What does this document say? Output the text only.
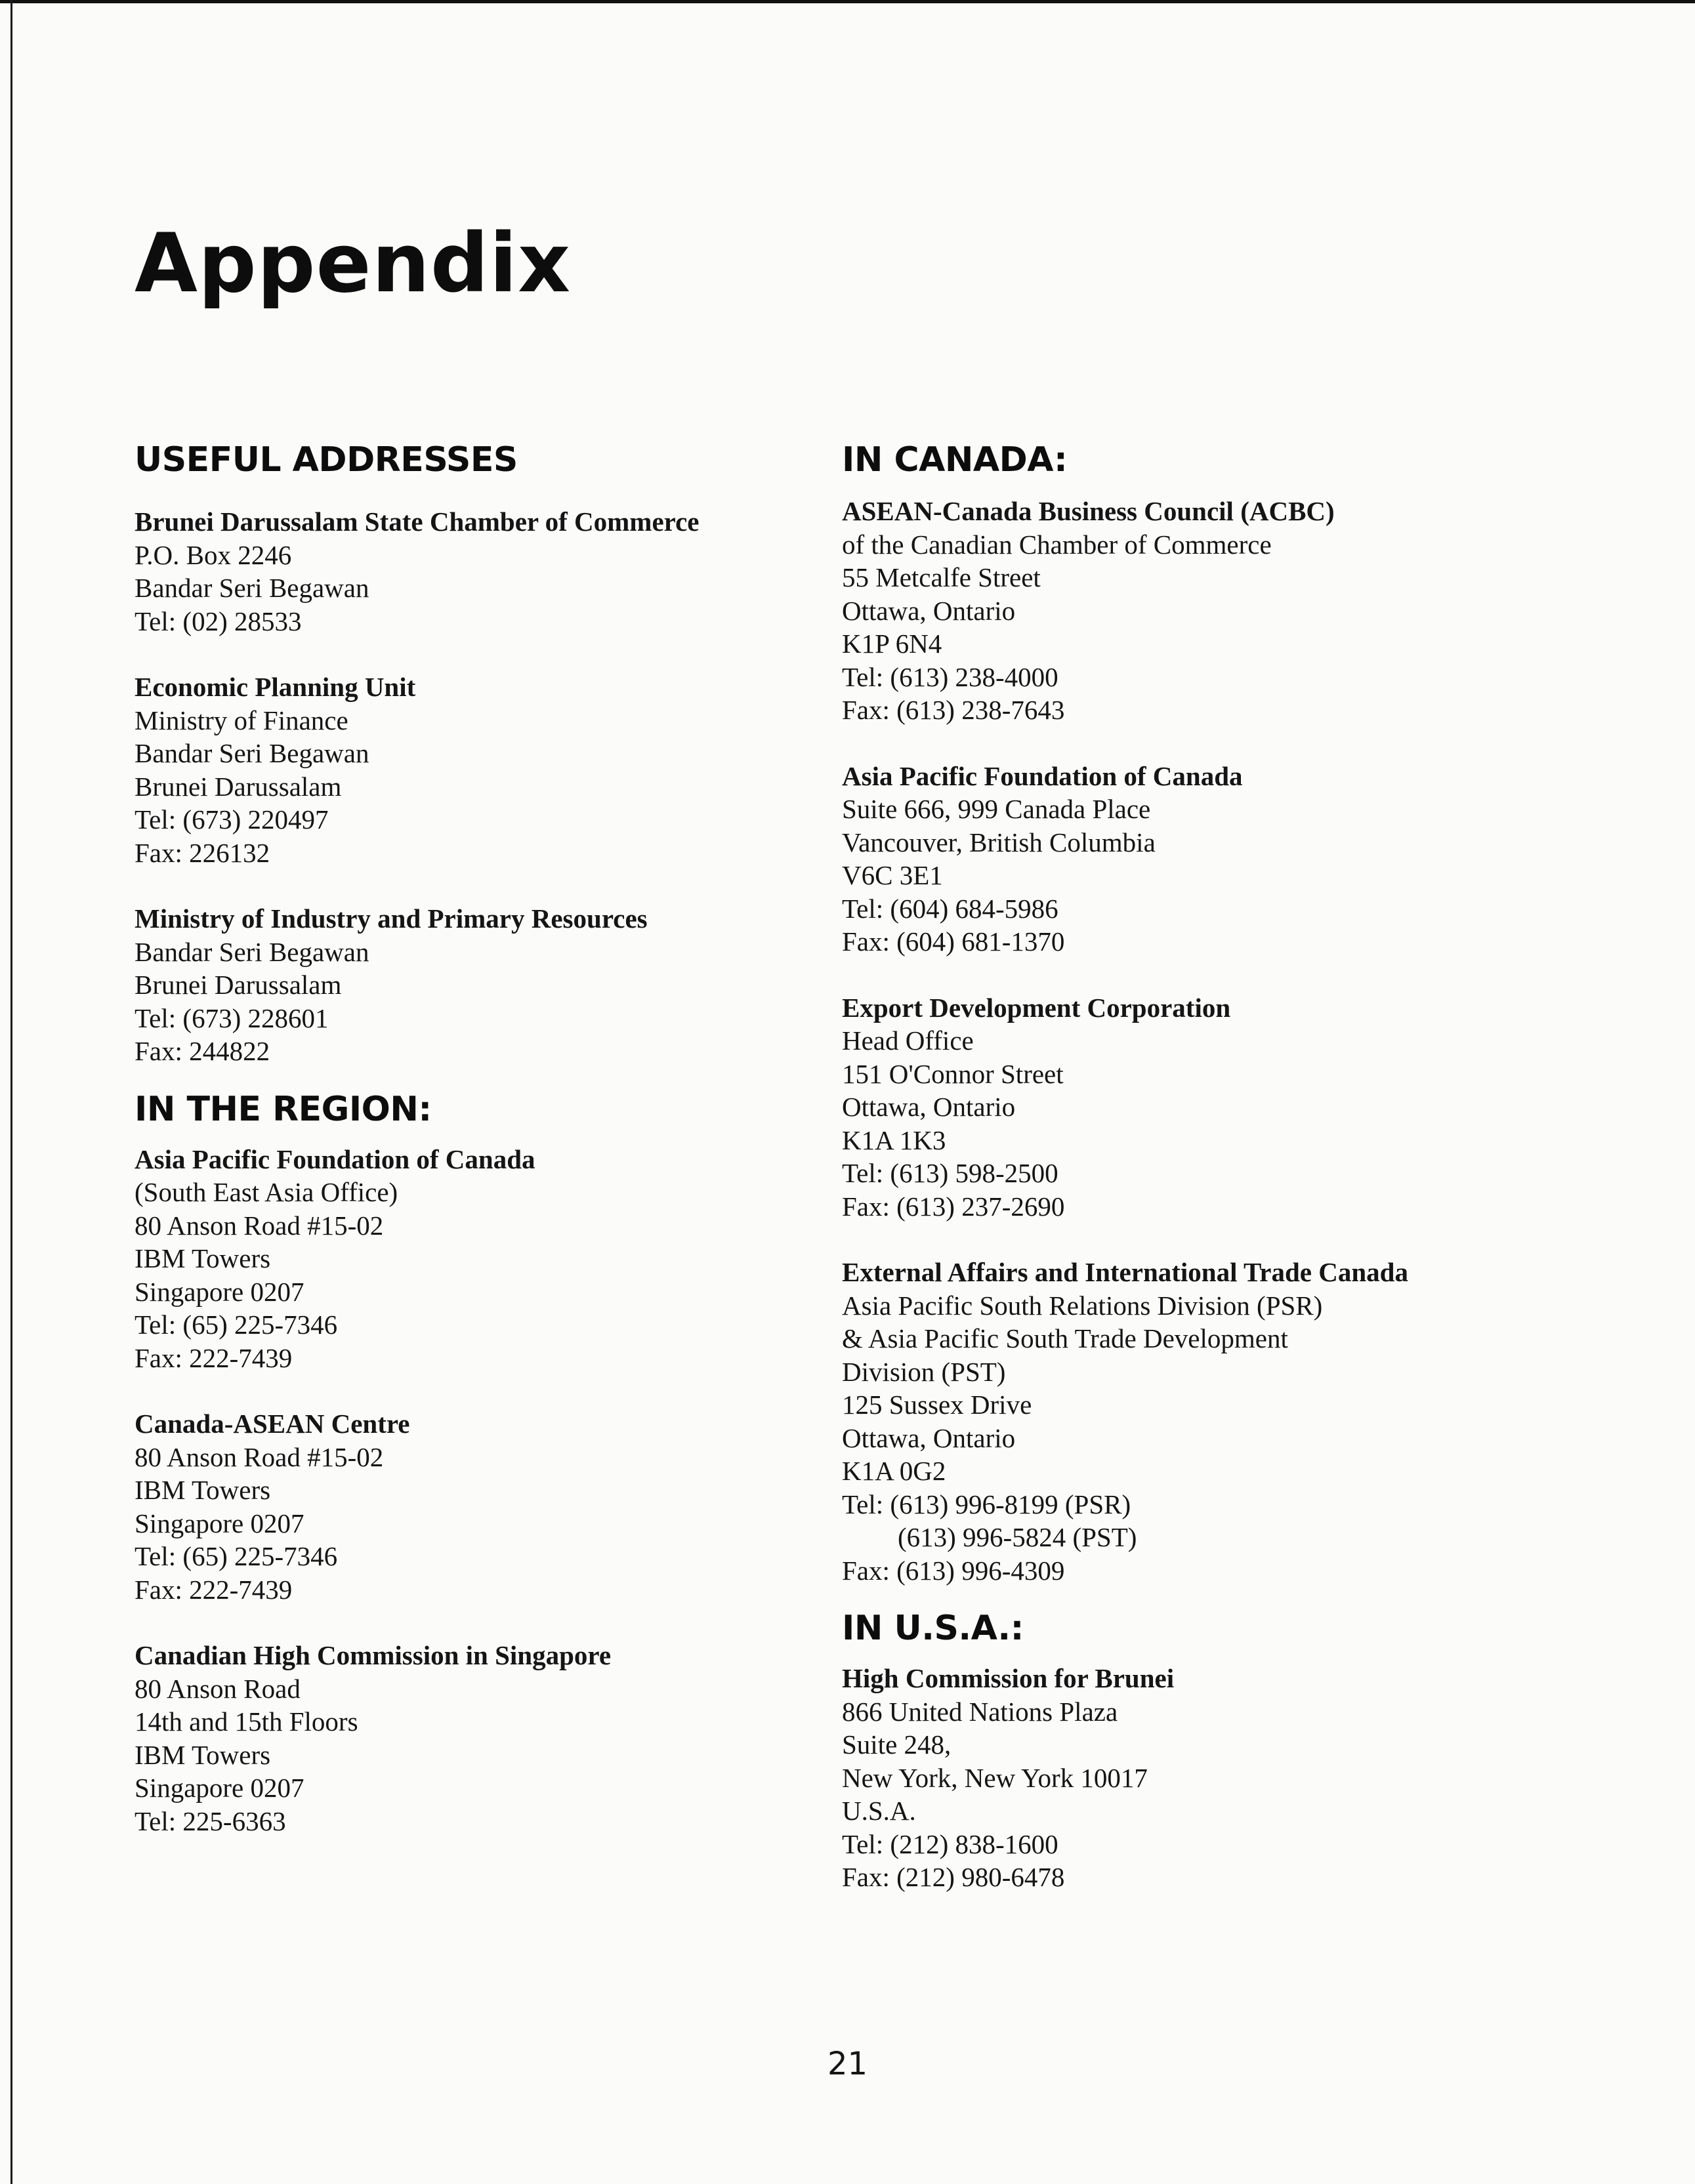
Appendix
USEFUL ADDRESSES
Brunei Darussalam State Chamber of Commerce
P.O. Box 2246
Bandar Seri Begawan
Tel: (02) 28533
Economic Planning Unit
Ministry of Finance
Bandar Seri Begawan
Brunei Darussalam
Tel: (673) 220497
Fax: 226132
Ministry of Industry and Primary Resources
Bandar Seri Begawan
Brunei Darussalam
Tel: (673) 228601
Fax: 244822
IN THE REGION:
Asia Pacific Foundation of Canada
(South East Asia Office)
80 Anson Road #15-02
IBM Towers
Singapore 0207
Tel: (65) 225-7346
Fax: 222-7439
Canada-ASEAN Centre
80 Anson Road #15-02
IBM Towers
Singapore 0207
Tel: (65) 225-7346
Fax: 222-7439
Canadian High Commission in Singapore
80 Anson Road
14th and 15th Floors
IBM Towers
Singapore 0207
Tel: 225-6363
IN CANADA:
ASEAN-Canada Business Council (ACBC)
of the Canadian Chamber of Commerce
55 Metcalfe Street
Ottawa, Ontario
K1P 6N4
Tel: (613) 238-4000
Fax: (613) 238-7643
Asia Pacific Foundation of Canada
Suite 666, 999 Canada Place
Vancouver, British Columbia
V6C 3E1
Tel: (604) 684-5986
Fax: (604) 681-1370
Export Development Corporation
Head Office
151 O'Connor Street
Ottawa, Ontario
K1A 1K3
Tel: (613) 598-2500
Fax: (613) 237-2690
External Affairs and International Trade Canada
Asia Pacific South Relations Division (PSR)
& Asia Pacific South Trade Development
Division (PST)
125 Sussex Drive
Ottawa, Ontario
K1A 0G2
Tel: (613) 996-8199 (PSR)
(613) 996-5824 (PST)
Fax: (613) 996-4309
IN U.S.A.:
High Commission for Brunei
866 United Nations Plaza
Suite 248,
New York, New York 10017
U.S.A.
Tel: (212) 838-1600
Fax: (212) 980-6478
21
